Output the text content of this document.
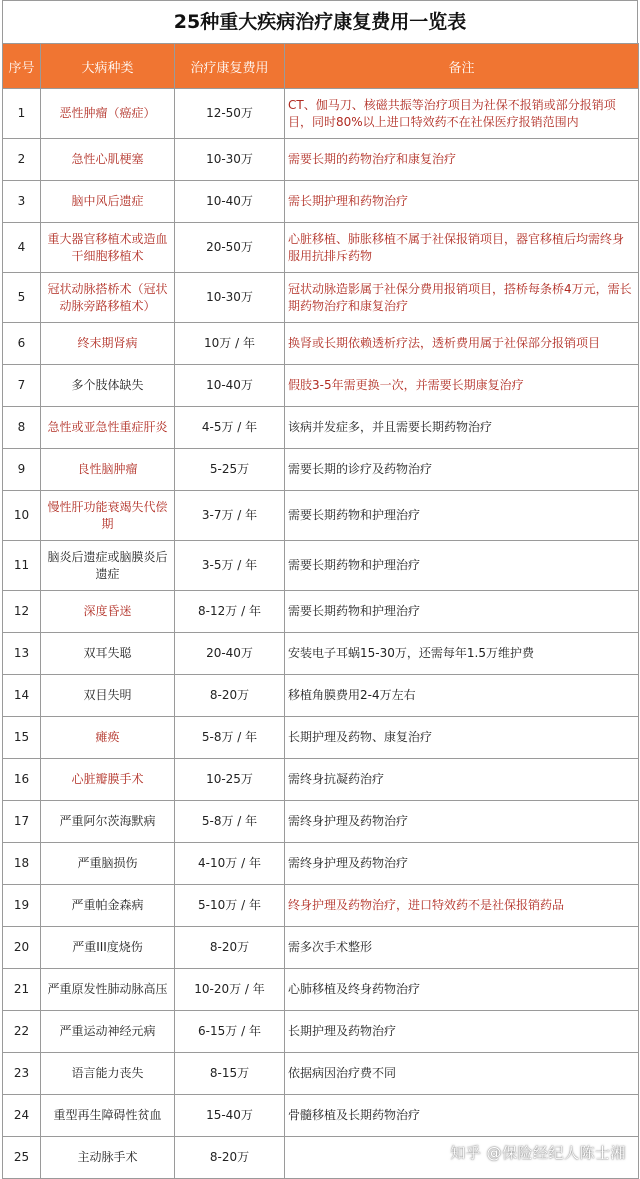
25种重大疾病治疗康复费用一览表
序号	大病种类	治疗康复费用	备注
1	恶性肿瘤（癌症）	12-50万	CT、伽马刀、核磁共振等治疗项目为社保不报销或部分报销项目，同时80%以上进口特效药不在社保医疗报销范围内
2	急性心肌梗塞	10-30万	需要长期的药物治疗和康复治疗
3	脑中风后遗症	10-40万	需长期护理和药物治疗
4	重大器官移植术或造血干细胞移植术	20-50万	心脏移植、肺胀移植不属于社保报销项目，器官移植后均需终身服用抗排斥药物
5	冠状动脉搭桥术（冠状动脉旁路移植术）	10-30万	冠状动脉造影属于社保分费用报销项目，搭桥每条桥4万元，需长期药物治疗和康复治疗
6	终末期肾病	10万 / 年	换肾或长期依赖透析疗法，透析费用属于社保部分报销项目
7	多个肢体缺失	10-40万	假肢3-5年需更换一次，并需要长期康复治疗
8	急性或亚急性重症肝炎	4-5万 / 年	该病并发症多，并且需要长期药物治疗
9	良性脑肿瘤	5-25万	需要长期的诊疗及药物治疗
10	慢性肝功能衰竭失代偿期	3-7万 / 年	需要长期药物和护理治疗
11	脑炎后遗症或脑膜炎后遗症	3-5万 / 年	需要长期药物和护理治疗
12	深度昏迷	8-12万 / 年	需要长期药物和护理治疗
13	双耳失聪	20-40万	安装电子耳蜗15-30万，还需每年1.5万维护费
14	双目失明	8-20万	移植角膜费用2-4万左右
15	瘫痪	5-8万 / 年	长期护理及药物、康复治疗
16	心脏瓣膜手术	10-25万	需终身抗凝药治疗
17	严重阿尔茨海默病	5-8万 / 年	需终身护理及药物治疗
18	严重脑损伤	4-10万 / 年	需终身护理及药物治疗
19	严重帕金森病	5-10万 / 年	终身护理及药物治疗，进口特效药不是社保报销药品
20	严重III度烧伤	8-20万	需多次手术整形
21	严重原发性肺动脉高压	10-20万 / 年	心肺移植及终身药物治疗
22	严重运动神经元病	6-15万 / 年	长期护理及药物治疗
23	语言能力丧失	8-15万	依据病因治疗费不同
24	重型再生障碍性贫血	15-40万	骨髓移植及长期药物治疗
25	主动脉手术	8-20万		知乎 @保险经纪人陈士湘
